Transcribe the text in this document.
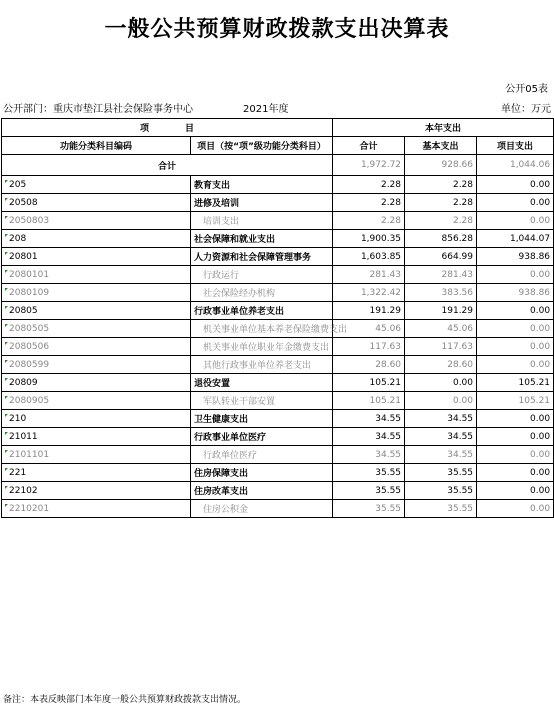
一般公共预算财政拨款支出决算表
公开05表
公开部门：重庆市垫江县社会保险事务中心	2021年度	单位：万元
项　　　　目		本年支出		
功能分类科目编码	项目（按“项”级功能分类科目）	合计	基本支出	项目支出
合计		1,972.72	928.66	1,044.06
205	教育支出	2.28	2.28	0.00
20508	进修及培训	2.28	2.28	0.00
2050803	培训支出	2.28	2.28	0.00
208	社会保障和就业支出	1,900.35	856.28	1,044.07
20801	人力资源和社会保障管理事务	1,603.85	664.99	938.86
2080101	行政运行	281.43	281.43	0.00
2080109	社会保险经办机构	1,322.42	383.56	938.86
20805	行政事业单位养老支出	191.29	191.29	0.00
2080505	机关事业单位基本养老保险缴费支出	45.06	45.06	0.00
2080506	机关事业单位职业年金缴费支出	117.63	117.63	0.00
2080599	其他行政事业单位养老支出	28.60	28.60	0.00
20809	退役安置	105.21	0.00	105.21
2080905	军队转业干部安置	105.21	0.00	105.21
210	卫生健康支出	34.55	34.55	0.00
21011	行政事业单位医疗	34.55	34.55	0.00
2101101	行政单位医疗	34.55	34.55	0.00
221	住房保障支出	35.55	35.55	0.00
22102	住房改革支出	35.55	35.55	0.00
2210201	住房公积金	35.55	35.55	0.00
备注：本表反映部门本年度一般公共预算财政拨款支出情况。
